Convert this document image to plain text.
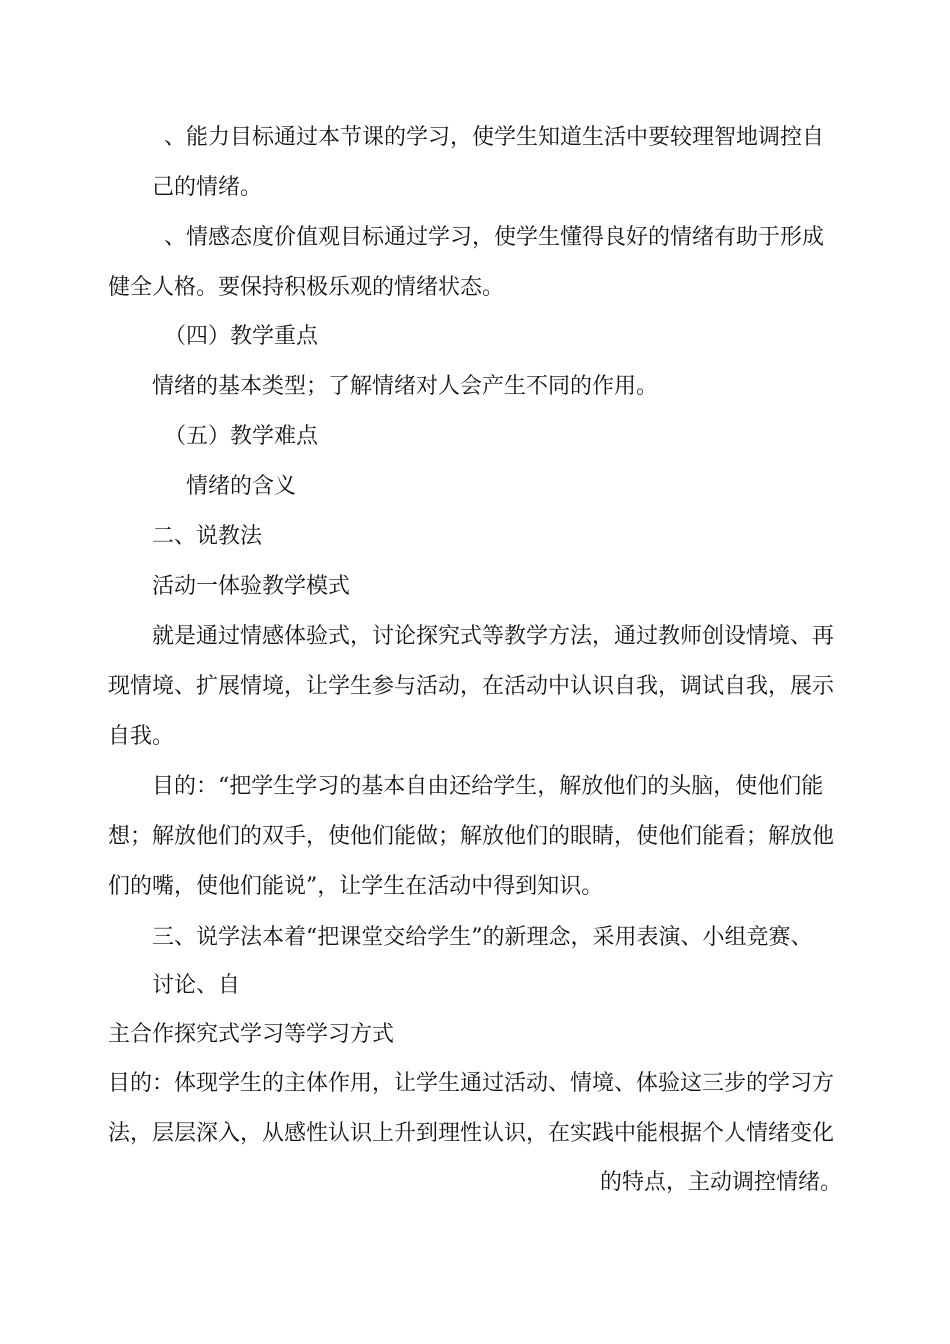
、能力目标通过本节课的学习，使学生知道生活中要较理智地调控自
己的情绪。
、情感态度价值观目标通过学习，使学生懂得良好的情绪有助于形成
健全人格。要保持积极乐观的情绪状态。
（四）教学重点
情绪的基本类型；了解情绪对人会产生不同的作用。
（五）教学难点
情绪的含义
二、说教法
活动一体验教学模式
就是通过情感体验式，讨论探究式等教学方法，通过教师创设情境、再
现情境、扩展情境，让学生参与活动，在活动中认识自我，调试自我，展示
自我。
目的：“把学生学习的基本自由还给学生，解放他们的头脑，使他们能
想；解放他们的双手，使他们能做；解放他们的眼睛，使他们能看；解放他
们的嘴，使他们能说”，让学生在活动中得到知识。
三、说学法本着“把课堂交给学生”的新理念，采用表演、小组竞赛、
讨论、自
主合作探究式学习等学习方式
目的：体现学生的主体作用，让学生通过活动、情境、体验这三步的学习方
法，层层深入，从感性认识上升到理性认识，在实践中能根据个人情绪变化
的特点，主动调控情绪。
